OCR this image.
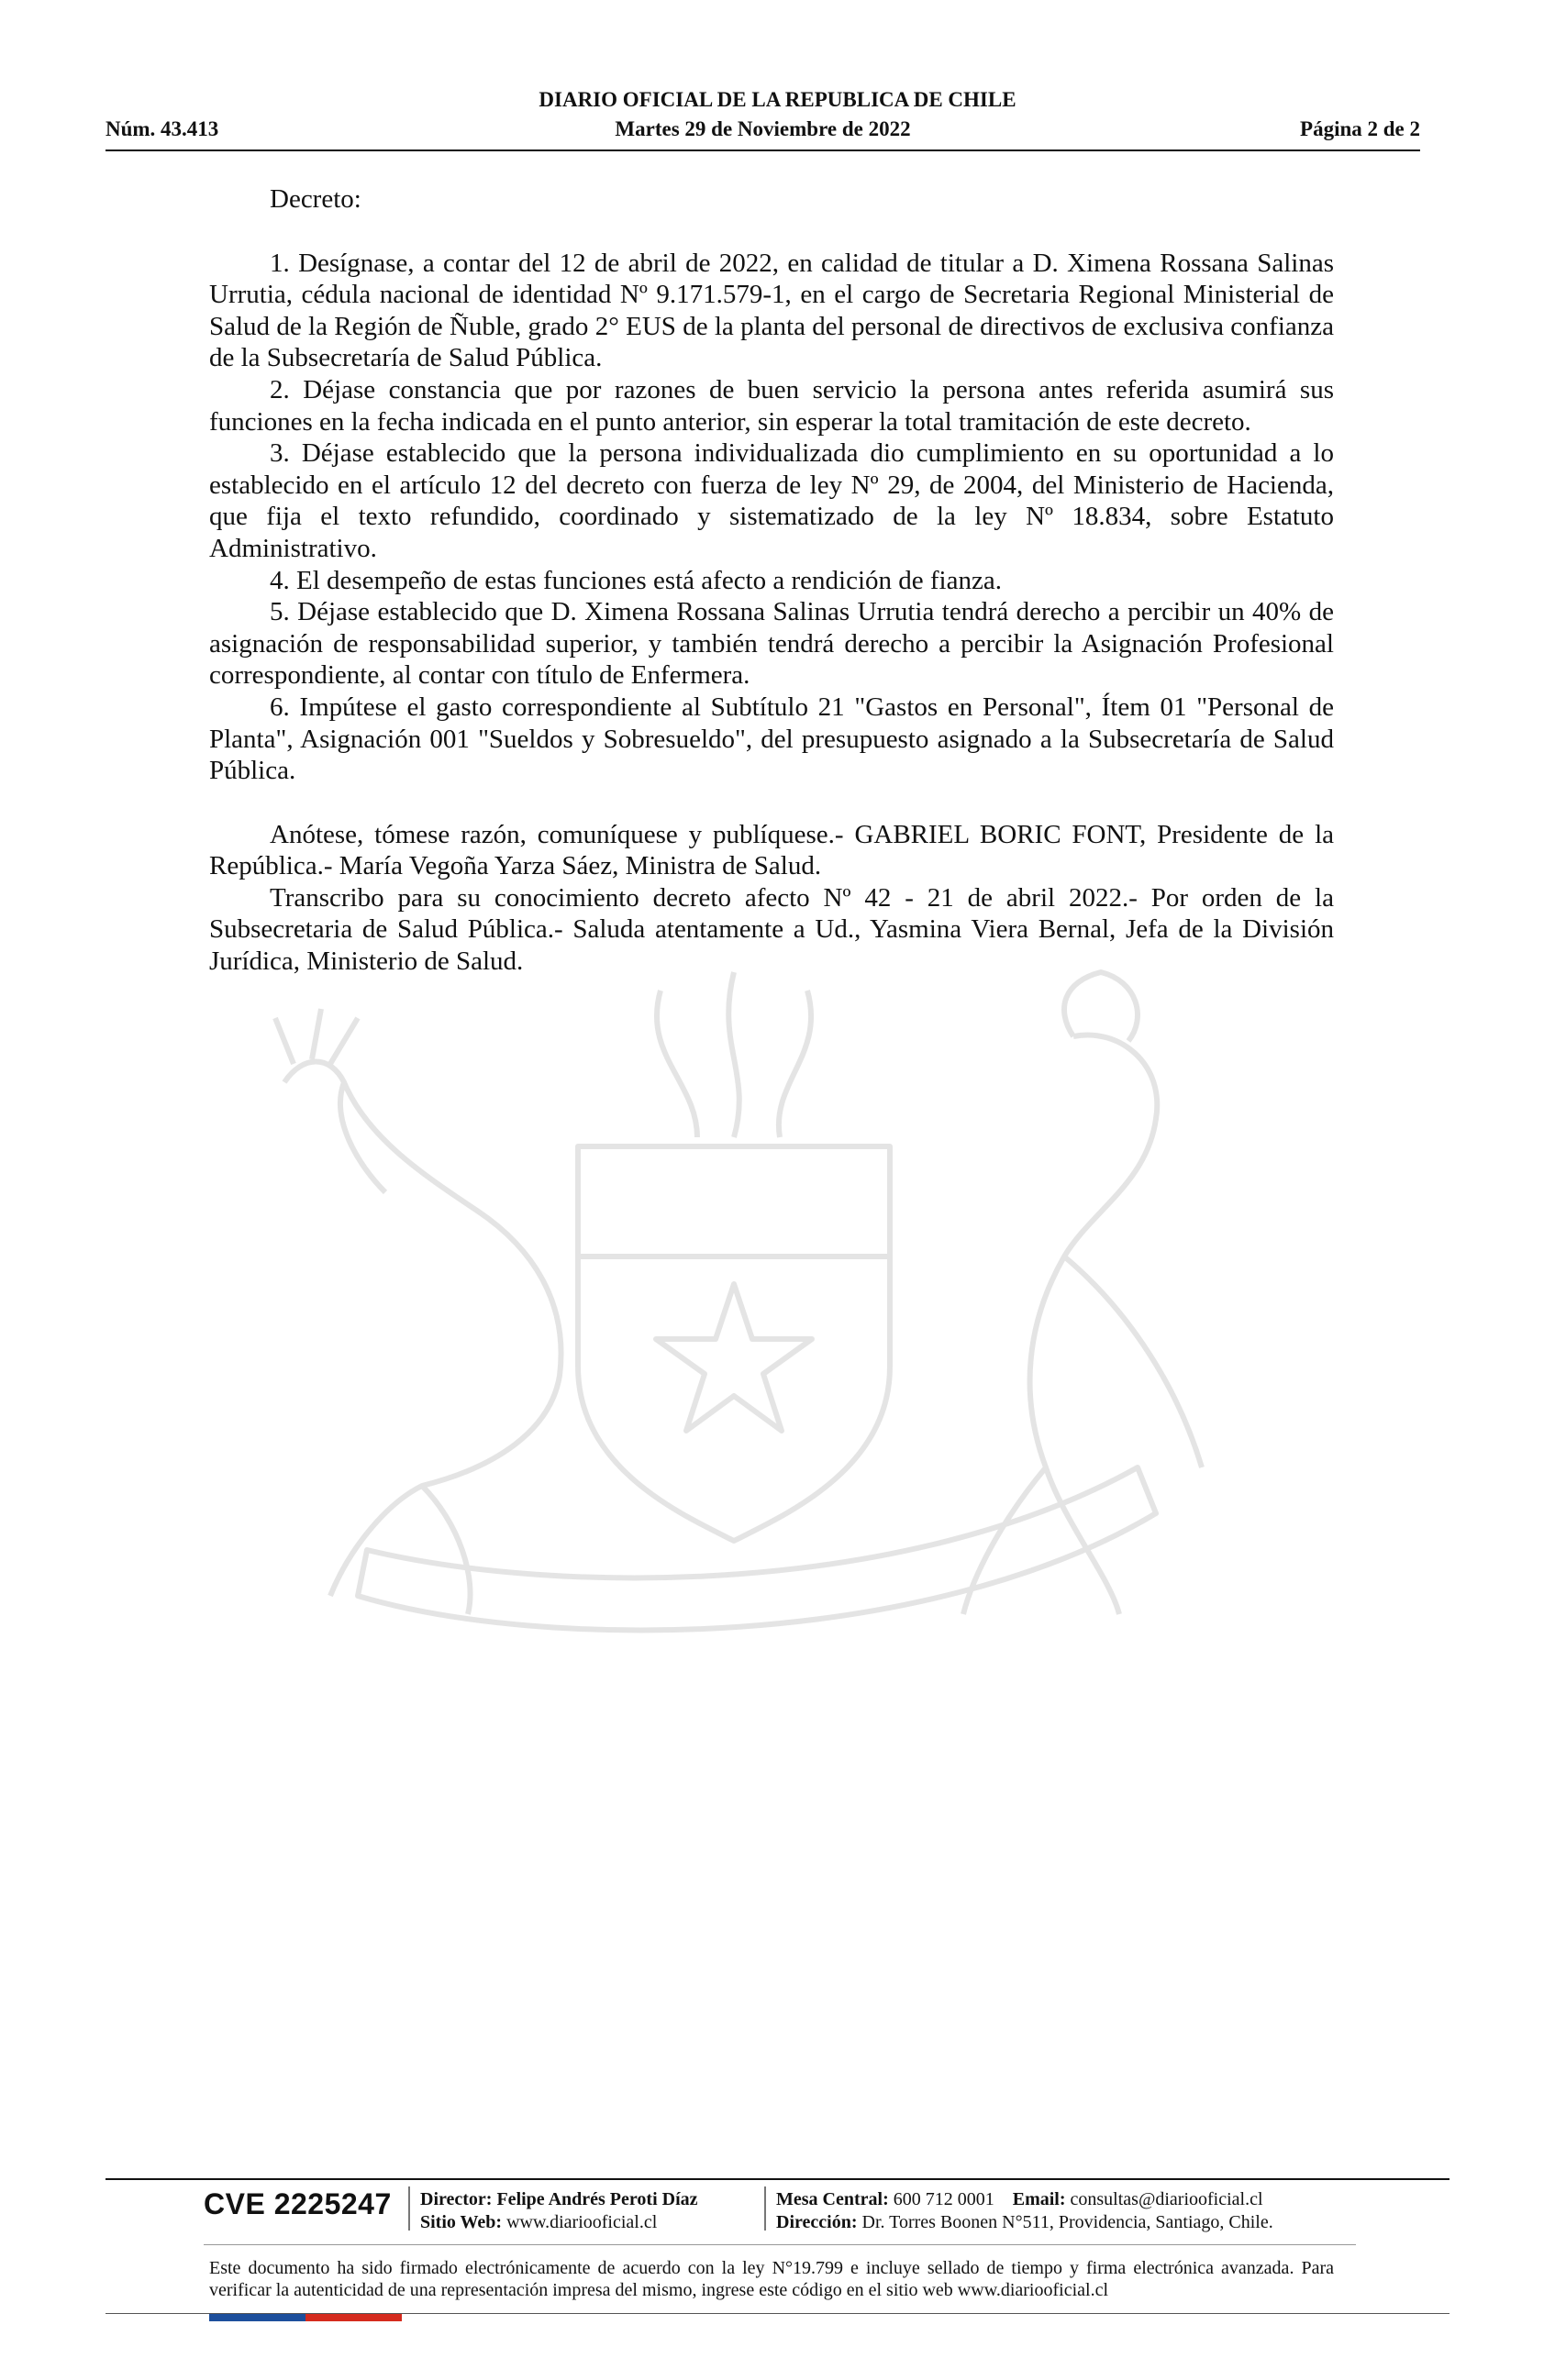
DIARIO OFICIAL DE LA REPUBLICA DE CHILE
Núm. 43.413	Martes 29 de Noviembre de 2022	Página 2 de 2

Decreto:

1. Desígnase, a contar del 12 de abril de 2022, en calidad de titular a D. Ximena Rossana Salinas Urrutia, cédula nacional de identidad Nº 9.171.579-1, en el cargo de Secretaria Regional Ministerial de Salud de la Región de Ñuble, grado 2° EUS de la planta del personal de directivos de exclusiva confianza de la Subsecretaría de Salud Pública.

2. Déjase constancia que por razones de buen servicio la persona antes referida asumirá sus funciones en la fecha indicada en el punto anterior, sin esperar la total tramitación de este decreto.

3. Déjase establecido que la persona individualizada dio cumplimiento en su oportunidad a lo establecido en el artículo 12 del decreto con fuerza de ley Nº 29, de 2004, del Ministerio de Hacienda, que fija el texto refundido, coordinado y sistematizado de la ley Nº 18.834, sobre Estatuto Administrativo.

4. El desempeño de estas funciones está afecto a rendición de fianza.

5. Déjase establecido que D. Ximena Rossana Salinas Urrutia tendrá derecho a percibir un 40% de asignación de responsabilidad superior, y también tendrá derecho a percibir la Asignación Profesional correspondiente, al contar con título de Enfermera.

6. Impútese el gasto correspondiente al Subtítulo 21 "Gastos en Personal", Ítem 01 "Personal de Planta", Asignación 001 "Sueldos y Sobresueldo", del presupuesto asignado a la Subsecretaría de Salud Pública.

Anótese, tómese razón, comuníquese y publíquese.- GABRIEL BORIC FONT, Presidente de la República.- María Vegoña Yarza Sáez, Ministra de Salud.

Transcribo para su conocimiento decreto afecto Nº 42 - 21 de abril 2022.- Por orden de la Subsecretaria de Salud Pública.- Saluda atentamente a Ud., Yasmina Viera Bernal, Jefa de la División Jurídica, Ministerio de Salud.

CVE 2225247 Director: Felipe Andrés Peroti Díaz
Sitio Web: www.diariooficial.cl
Mesa Central: 600 712 0001 Email: consultas@diariooficial.cl
Dirección: Dr. Torres Boonen N°511, Providencia, Santiago, Chile.
Este documento ha sido firmado electrónicamente de acuerdo con la ley N°19.799 e incluye sellado de tiempo y firma electrónica avanzada. Para verificar la autenticidad de una representación impresa del mismo, ingrese este código en el sitio web www.diariooficial.cl
